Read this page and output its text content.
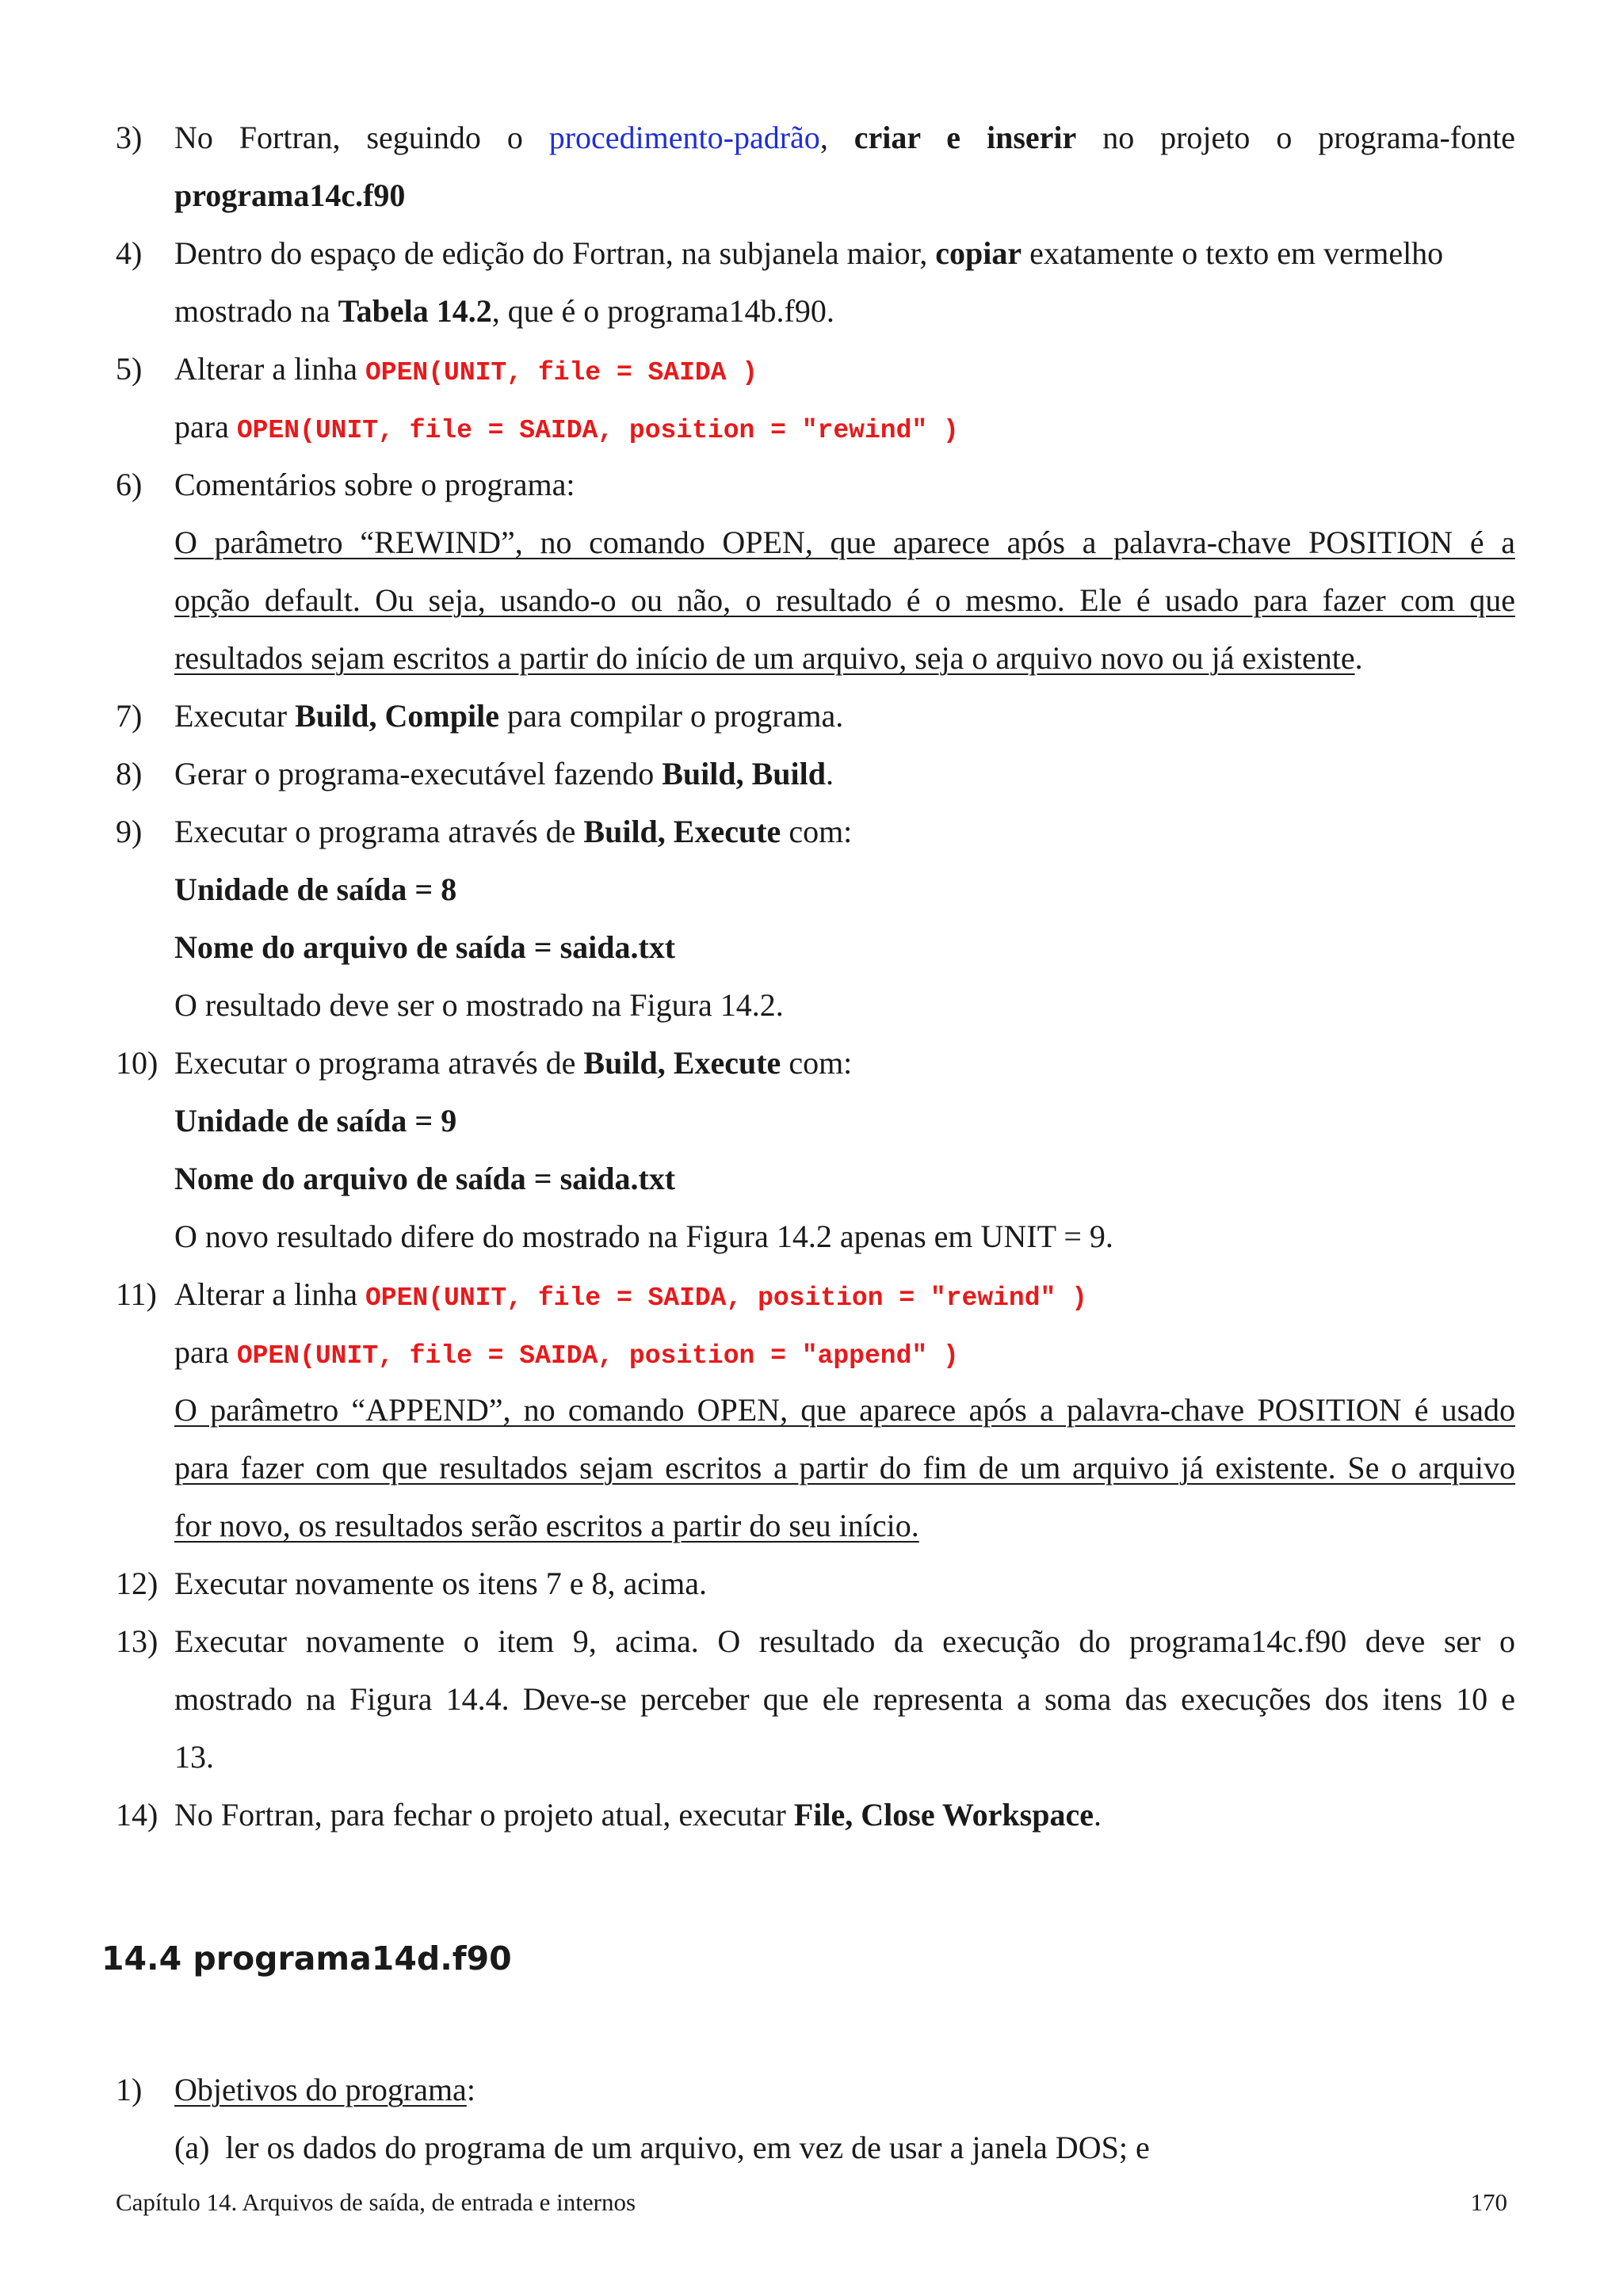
3) No Fortran, seguindo o procedimento-padrão, criar e inserir no projeto o programa-fonte
programa14c.f90
4) Dentro do espaço de edição do Fortran, na subjanela maior, copiar exatamente o texto em vermelho
mostrado na Tabela 14.2, que é o programa14b.f90.
5) Alterar a linha OPEN(UNIT, file = SAIDA )
para OPEN(UNIT, file = SAIDA, position = "rewind" )
6) Comentários sobre o programa:
O parâmetro “REWIND”, no comando OPEN, que aparece após a palavra-chave POSITION é a
opção default. Ou seja, usando-o ou não, o resultado é o mesmo. Ele é usado para fazer com que
resultados sejam escritos a partir do início de um arquivo, seja o arquivo novo ou já existente.
7) Executar Build, Compile para compilar o programa.
8) Gerar o programa-executável fazendo Build, Build.
9) Executar o programa através de Build, Execute com:
Unidade de saída = 8
Nome do arquivo de saída = saida.txt
O resultado deve ser o mostrado na Figura 14.2.
10) Executar o programa através de Build, Execute com:
Unidade de saída = 9
Nome do arquivo de saída = saida.txt
O novo resultado difere do mostrado na Figura 14.2 apenas em UNIT = 9.
11) Alterar a linha OPEN(UNIT, file = SAIDA, position = "rewind" )
para OPEN(UNIT, file = SAIDA, position = "append" )
O parâmetro “APPEND”, no comando OPEN, que aparece após a palavra-chave POSITION é usado
para fazer com que resultados sejam escritos a partir do fim de um arquivo já existente. Se o arquivo
for novo, os resultados serão escritos a partir do seu início.
12) Executar novamente os itens 7 e 8, acima.
13) Executar novamente o item 9, acima. O resultado da execução do programa14c.f90 deve ser o
mostrado na Figura 14.4. Deve-se perceber que ele representa a soma das execuções dos itens 10 e
13.
14) No Fortran, para fechar o projeto atual, executar File, Close Workspace.
14.4 programa14d.f90
1) Objetivos do programa:
(a) ler os dados do programa de um arquivo, em vez de usar a janela DOS; e
Capítulo 14. Arquivos de saída, de entrada e internos	170
